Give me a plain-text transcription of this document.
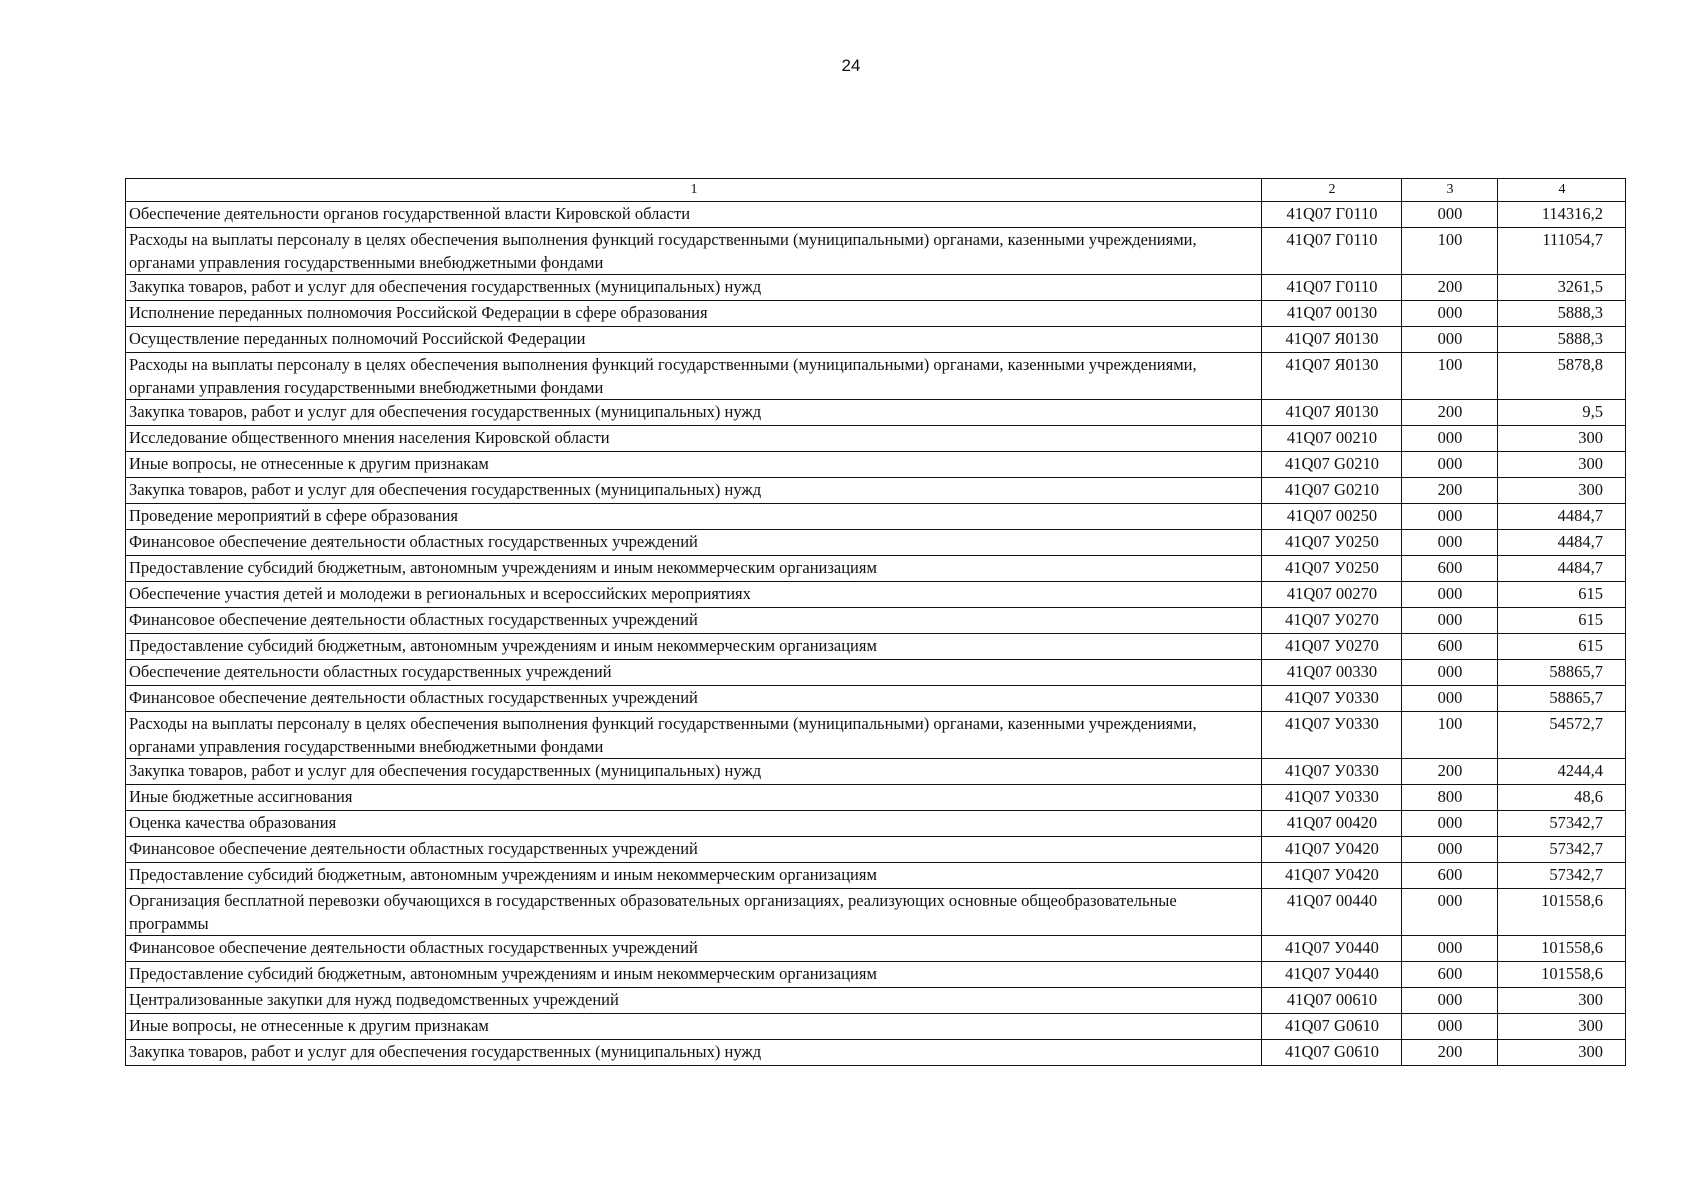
24
1	2	3	4
Обеспечение деятельности органов государственной власти Кировской области	41Q07 Г0110	000	114316,2
Расходы на выплаты персоналу в целях обеспечения выполнения функций государственными (муниципальными) органами, казенными учреждениями, органами управления государственными внебюджетными фондами	41Q07 Г0110	100	111054,7
Закупка товаров, работ и услуг для обеспечения государственных (муниципальных) нужд	41Q07 Г0110	200	3261,5
Исполнение переданных полномочия Российской Федерации в сфере образования	41Q07 00130	000	5888,3
Осуществление переданных полномочий Российской Федерации	41Q07 Я0130	000	5888,3
Расходы на выплаты персоналу в целях обеспечения выполнения функций государственными (муниципальными) органами, казенными учреждениями, органами управления государственными внебюджетными фондами	41Q07 Я0130	100	5878,8
Закупка товаров, работ и услуг для обеспечения государственных (муниципальных) нужд	41Q07 Я0130	200	9,5
Исследование общественного мнения населения Кировской области	41Q07 00210	000	300
Иные вопросы, не отнесенные к другим признакам	41Q07 G0210	000	300
Закупка товаров, работ и услуг для обеспечения государственных (муниципальных) нужд	41Q07 G0210	200	300
Проведение мероприятий в сфере образования	41Q07 00250	000	4484,7
Финансовое обеспечение деятельности областных государственных учреждений	41Q07 У0250	000	4484,7
Предоставление субсидий бюджетным, автономным учреждениям и иным некоммерческим организациям	41Q07 У0250	600	4484,7
Обеспечение участия детей и молодежи в региональных и всероссийских мероприятиях	41Q07 00270	000	615
Финансовое обеспечение деятельности областных государственных учреждений	41Q07 У0270	000	615
Предоставление субсидий бюджетным, автономным учреждениям и иным некоммерческим организациям	41Q07 У0270	600	615
Обеспечение деятельности областных государственных учреждений	41Q07 00330	000	58865,7
Финансовое обеспечение деятельности областных государственных учреждений	41Q07 У0330	000	58865,7
Расходы на выплаты персоналу в целях обеспечения выполнения функций государственными (муниципальными) органами, казенными учреждениями, органами управления государственными внебюджетными фондами	41Q07 У0330	100	54572,7
Закупка товаров, работ и услуг для обеспечения государственных (муниципальных) нужд	41Q07 У0330	200	4244,4
Иные бюджетные ассигнования	41Q07 У0330	800	48,6
Оценка качества образования	41Q07 00420	000	57342,7
Финансовое обеспечение деятельности областных государственных учреждений	41Q07 У0420	000	57342,7
Предоставление субсидий бюджетным, автономным учреждениям и иным некоммерческим организациям	41Q07 У0420	600	57342,7
Организация бесплатной перевозки обучающихся в государственных образовательных организациях, реализующих основные общеобразовательные программы	41Q07 00440	000	101558,6
Финансовое обеспечение деятельности областных государственных учреждений	41Q07 У0440	000	101558,6
Предоставление субсидий бюджетным, автономным учреждениям и иным некоммерческим организациям	41Q07 У0440	600	101558,6
Централизованные закупки для нужд подведомственных учреждений	41Q07 00610	000	300
Иные вопросы, не отнесенные к другим признакам	41Q07 G0610	000	300
Закупка товаров, работ и услуг для обеспечения государственных (муниципальных) нужд	41Q07 G0610	200	300
